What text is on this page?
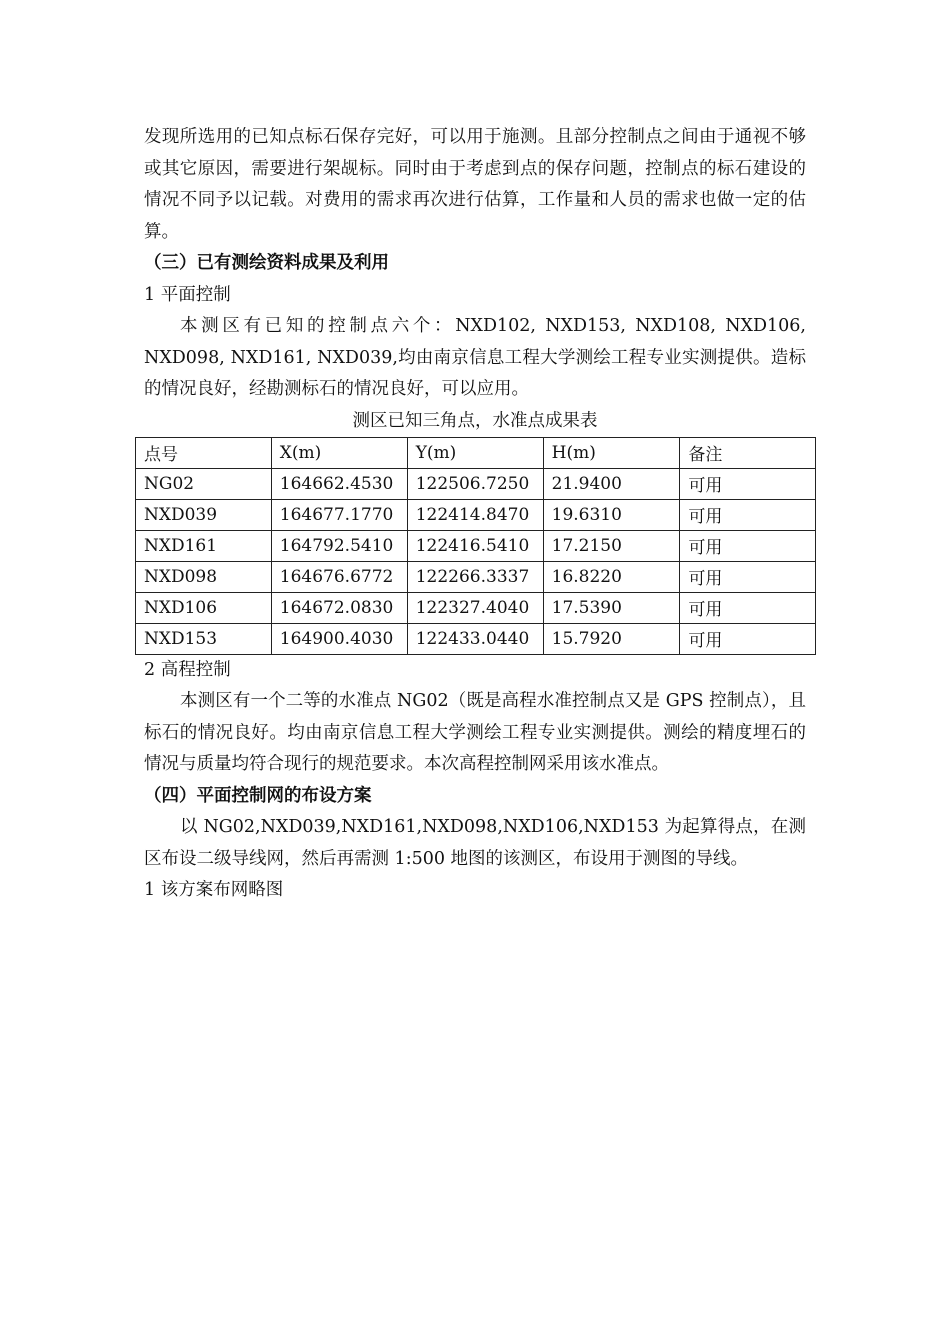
发现所选用的已知点标石保存完好，可以用于施测。且部分控制点之间由于通视不够或其它原因，需要进行架觇标。同时由于考虑到点的保存问题，控制点的标石建设的情况不同予以记载。对费用的需求再次进行估算，工作量和人员的需求也做一定的估算。

（三）已有测绘资料成果及利用

1 平面控制

本测区有已知的控制点六个：NXD102, NXD153, NXD108, NXD106, NXD098, NXD161, NXD039,均由南京信息工程大学测绘工程专业实测提供。造标的情况良好，经勘测标石的情况良好，可以应用。

测区已知三角点，水准点成果表

点号	X(m)	Y(m)	H(m)	备注
NG02	164662.4530	122506.7250	21.9400	可用
NXD039	164677.1770	122414.8470	19.6310	可用
NXD161	164792.5410	122416.5410	17.2150	可用
NXD098	164676.6772	122266.3337	16.8220	可用
NXD106	164672.0830	122327.4040	17.5390	可用
NXD153	164900.4030	122433.0440	15.7920	可用

2 高程控制

本测区有一个二等的水准点 NG02（既是高程水准控制点又是 GPS 控制点），且标石的情况良好。均由南京信息工程大学测绘工程专业实测提供。测绘的精度埋石的情况与质量均符合现行的规范要求。本次高程控制网采用该水准点。

（四）平面控制网的布设方案

以 NG02,NXD039,NXD161,NXD098,NXD106,NXD153 为起算得点，在测区布设二级导线网，然后再需测 1:500 地图的该测区，布设用于测图的导线。

1 该方案布网略图
